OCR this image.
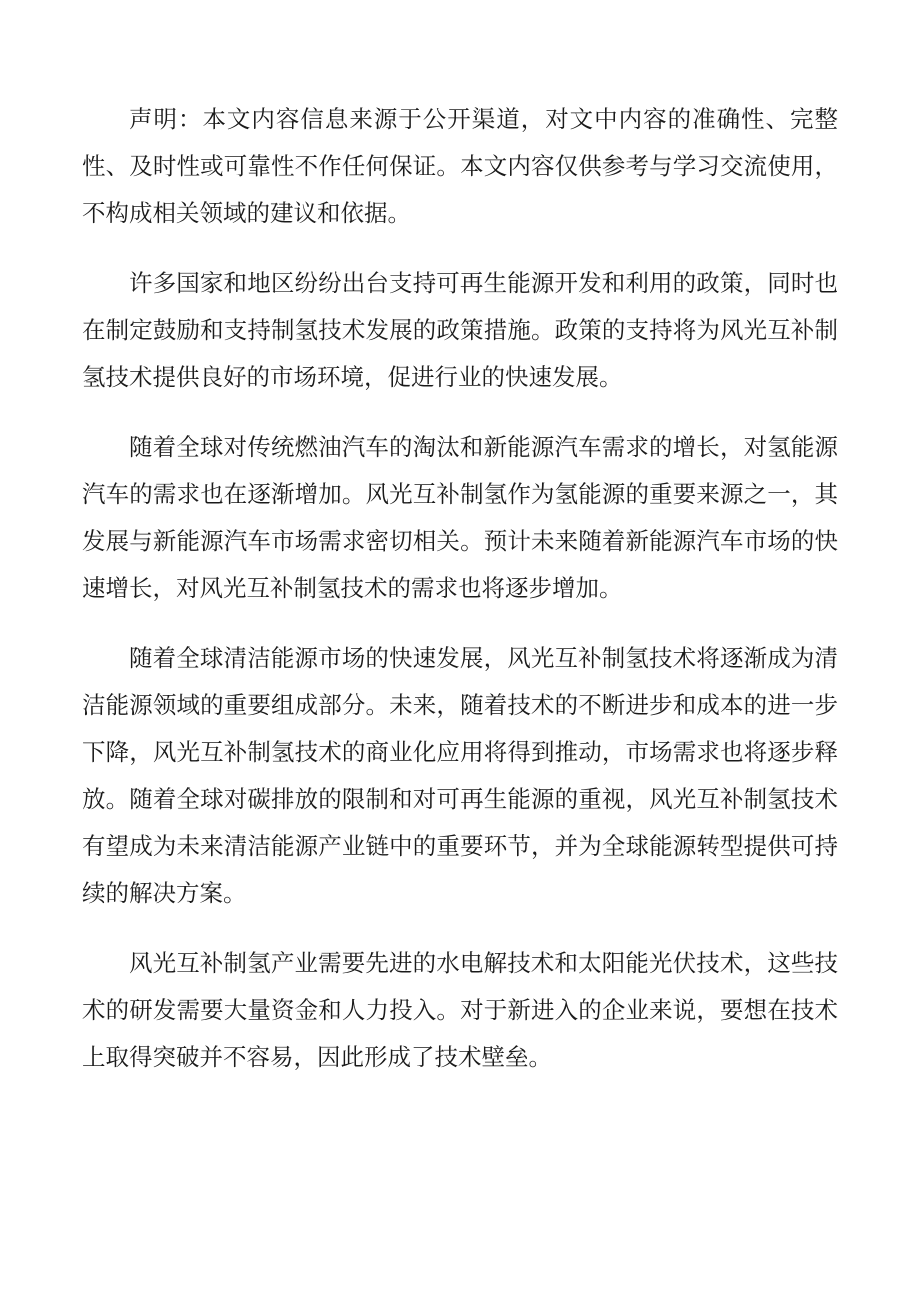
声明：本文内容信息来源于公开渠道，对文中内容的准确性、完整性、及时性或可靠性不作任何保证。本文内容仅供参考与学习交流使用，不构成相关领域的建议和依据。

许多国家和地区纷纷出台支持可再生能源开发和利用的政策，同时也在制定鼓励和支持制氢技术发展的政策措施。政策的支持将为风光互补制氢技术提供良好的市场环境，促进行业的快速发展。

随着全球对传统燃油汽车的淘汰和新能源汽车需求的增长，对氢能源汽车的需求也在逐渐增加。风光互补制氢作为氢能源的重要来源之一，其发展与新能源汽车市场需求密切相关。预计未来随着新能源汽车市场的快速增长，对风光互补制氢技术的需求也将逐步增加。

随着全球清洁能源市场的快速发展，风光互补制氢技术将逐渐成为清洁能源领域的重要组成部分。未来，随着技术的不断进步和成本的进一步下降，风光互补制氢技术的商业化应用将得到推动，市场需求也将逐步释放。随着全球对碳排放的限制和对可再生能源的重视，风光互补制氢技术有望成为未来清洁能源产业链中的重要环节，并为全球能源转型提供可持续的解决方案。

风光互补制氢产业需要先进的水电解技术和太阳能光伏技术，这些技术的研发需要大量资金和人力投入。对于新进入的企业来说，要想在技术上取得突破并不容易，因此形成了技术壁垒。
